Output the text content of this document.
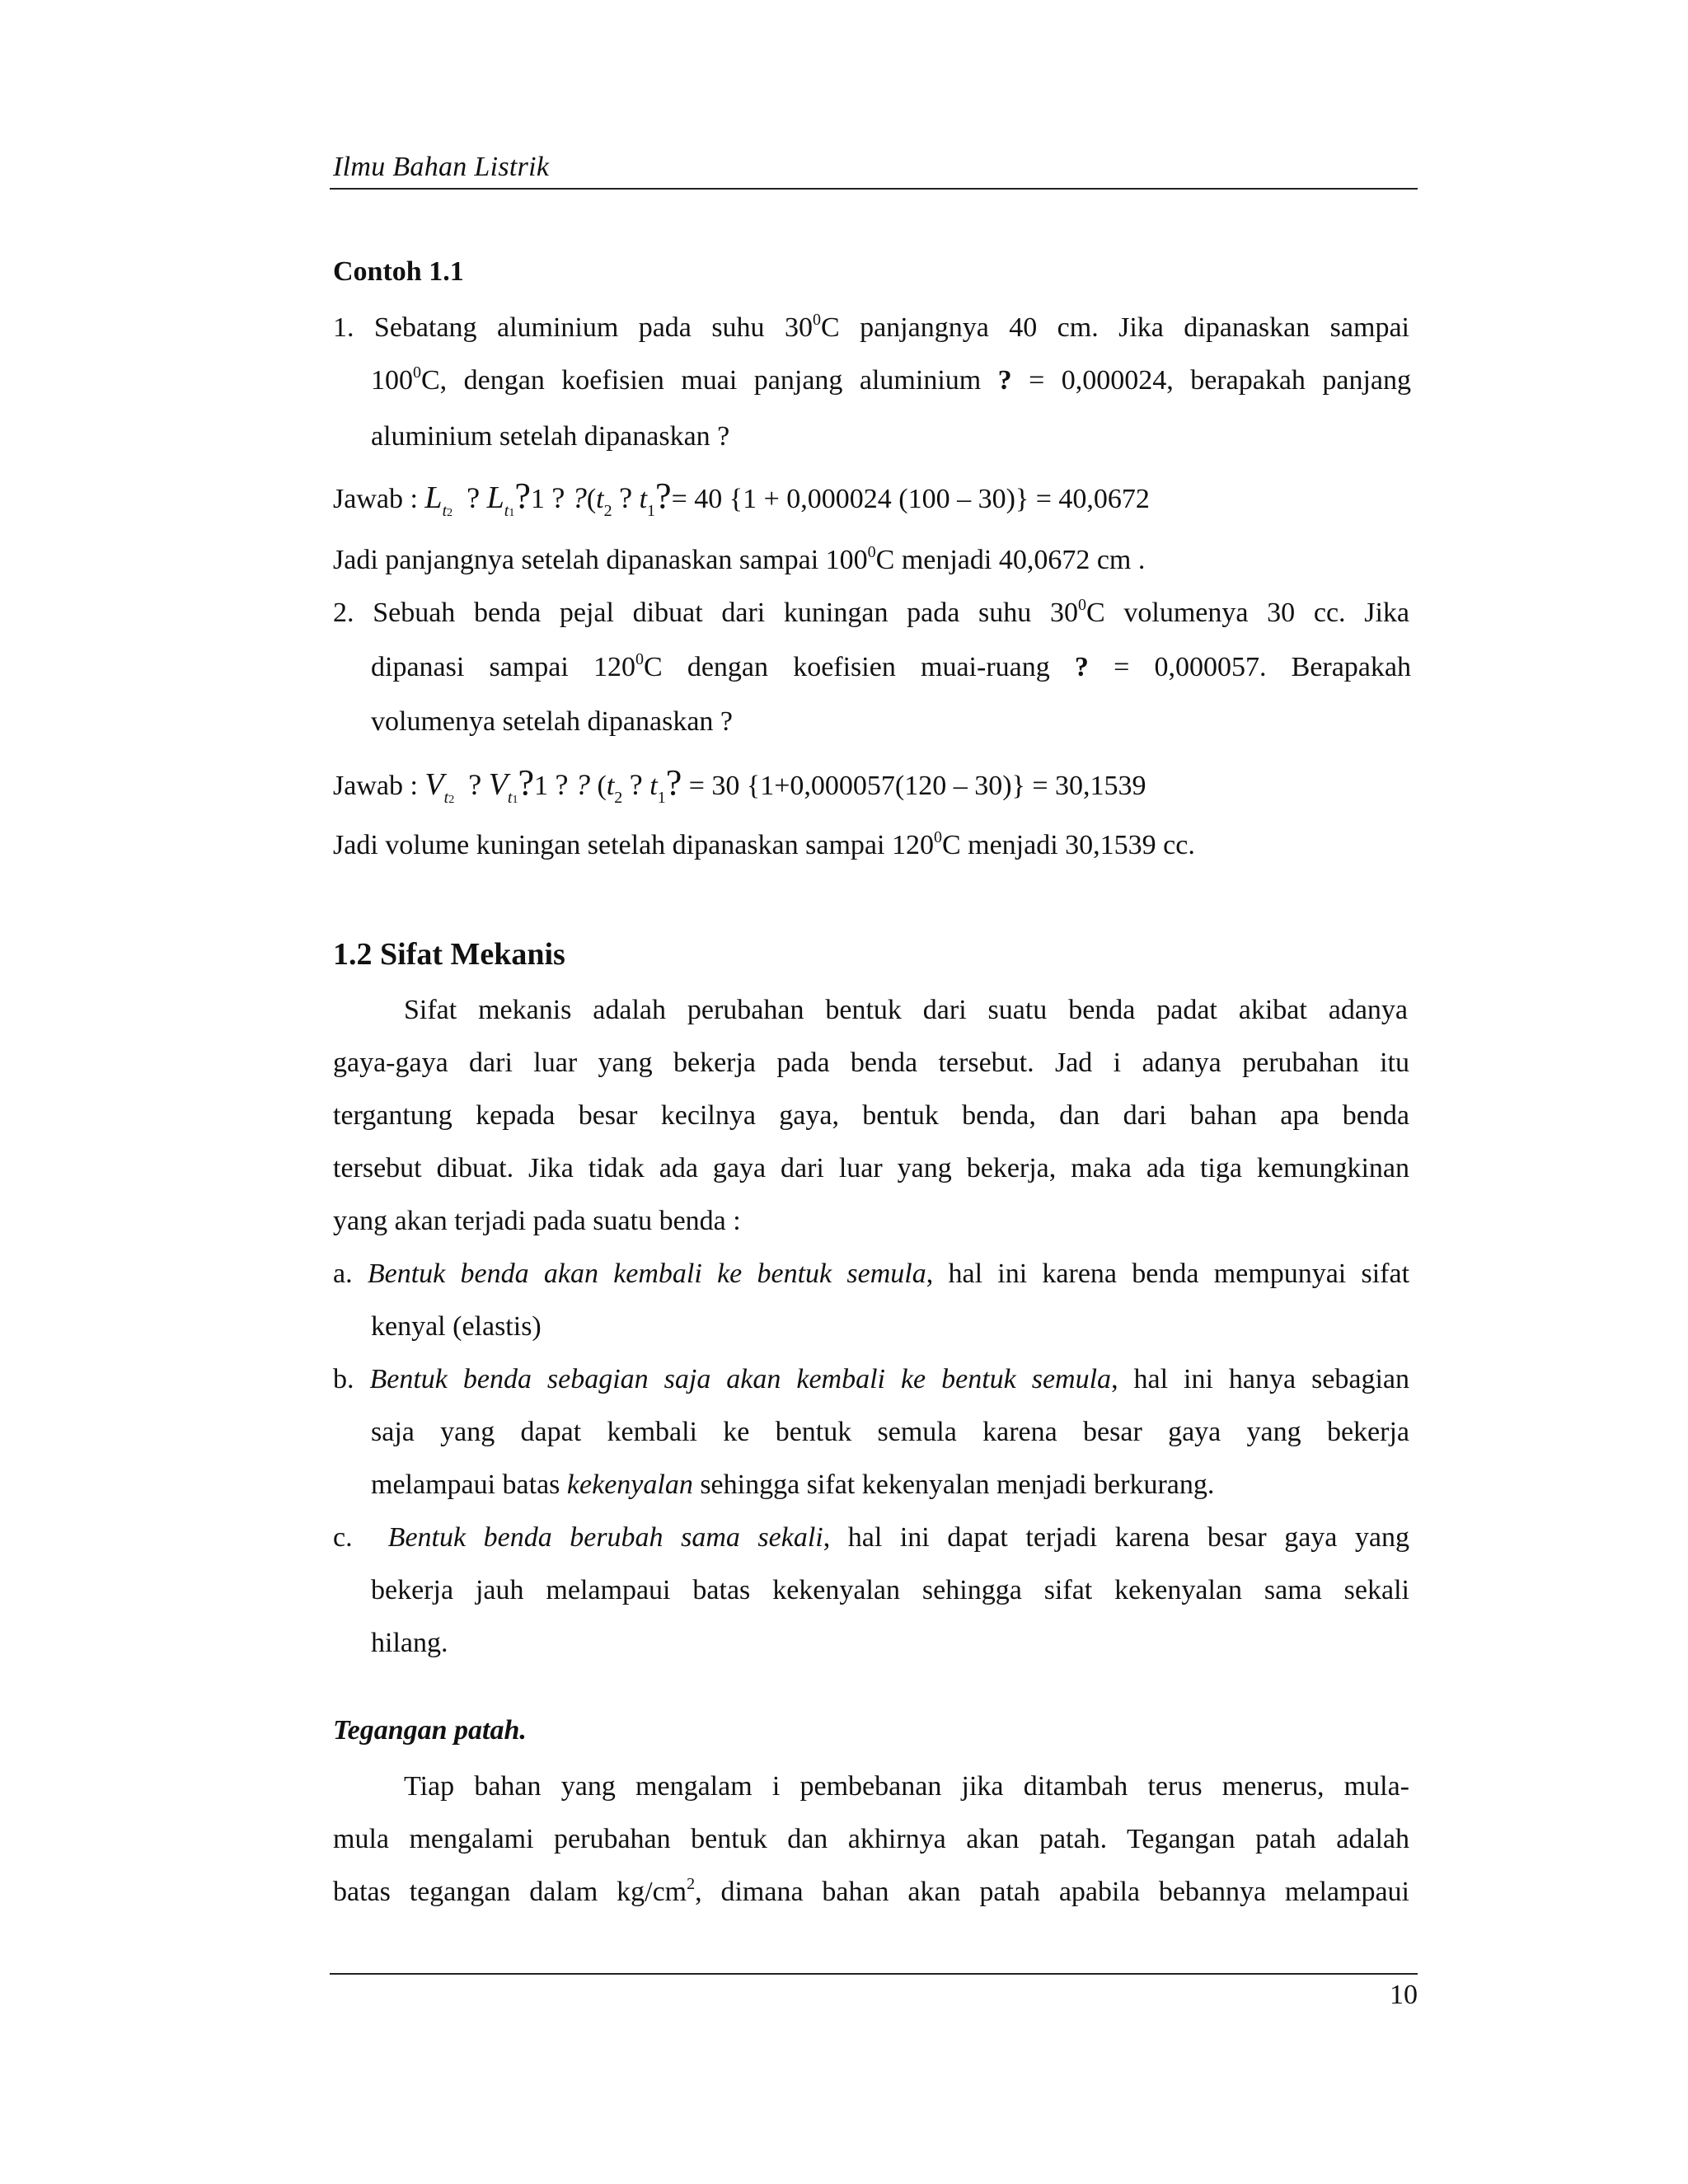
Ilmu Bahan Listrik
Contoh 1.1
1. Sebatang aluminium pada suhu $30^0C$ panjangnya 40 cm. Jika dipanaskan sampai
$100^0C$, dengan koefisien muai panjang aluminium ? = 0,000024, berapakah panjang
aluminium setelah dipanaskan ?
Jawab : $L_{t2}$ ? $L_{t1}?1$ ? $?(t_2$ ? $t_1?= 40$ {1 + 0,000024 (100 – 30)} = 40,0672
Jadi panjangnya setelah dipanaskan sampai $100^0C$ menjadi 40,0672 cm .
2. Sebuah benda pejal dibuat dari kuningan pada suhu $30^0C$ volumenya 30 cc. Jika
dipanasi sampai $120^0C$ dengan koefisien muai-ruang ? = 0,000057. Berapakah
volumenya setelah dipanaskan ?
Jawab : $V_{t2}$ ? $V_{t1}?1$ ? ? ($t_2$ ? $t_1$? = 30 {1+0,000057(120 – 30)} = 30,1539
Jadi volume kuningan setelah dipanaskan sampai $120^0C$ menjadi 30,1539 cc.
1.2 Sifat Mekanis
Sifat mekanis adalah perubahan bentuk dari suatu benda padat akibat adanya
gaya-gaya dari luar yang bekerja pada benda tersebut. Jad i adanya perubahan itu
tergantung kepada besar kecilnya gaya, bentuk benda, dan dari bahan apa benda
tersebut dibuat. Jika tidak ada gaya dari luar yang bekerja, maka ada tiga kemungkinan
yang akan terjadi pada suatu benda :
a. Bentuk benda akan kembali ke bentuk semula, hal ini karena benda mempunyai sifat
kenyal (elastis)
b. Bentuk benda sebagian saja akan kembali ke bentuk semula, hal ini hanya sebagian
saja yang dapat kembali ke bentuk semula karena besar gaya yang bekerja
melampaui batas kekenyalan sehingga sifat kekenyalan menjadi berkurang.
c. Bentuk benda berubah sama sekali, hal ini dapat terjadi karena besar gaya yang
bekerja jauh melampaui batas kekenyalan sehingga sifat kekenyalan sama sekali
hilang.
Tegangan patah.
Tiap bahan yang mengalam i pembebanan jika ditambah terus menerus, mula-
mula mengalami perubahan bentuk dan akhirnya akan patah. Tegangan patah adalah
batas tegangan dalam $kg/cm^2$, dimana bahan akan patah apabila bebannya melampaui
10
